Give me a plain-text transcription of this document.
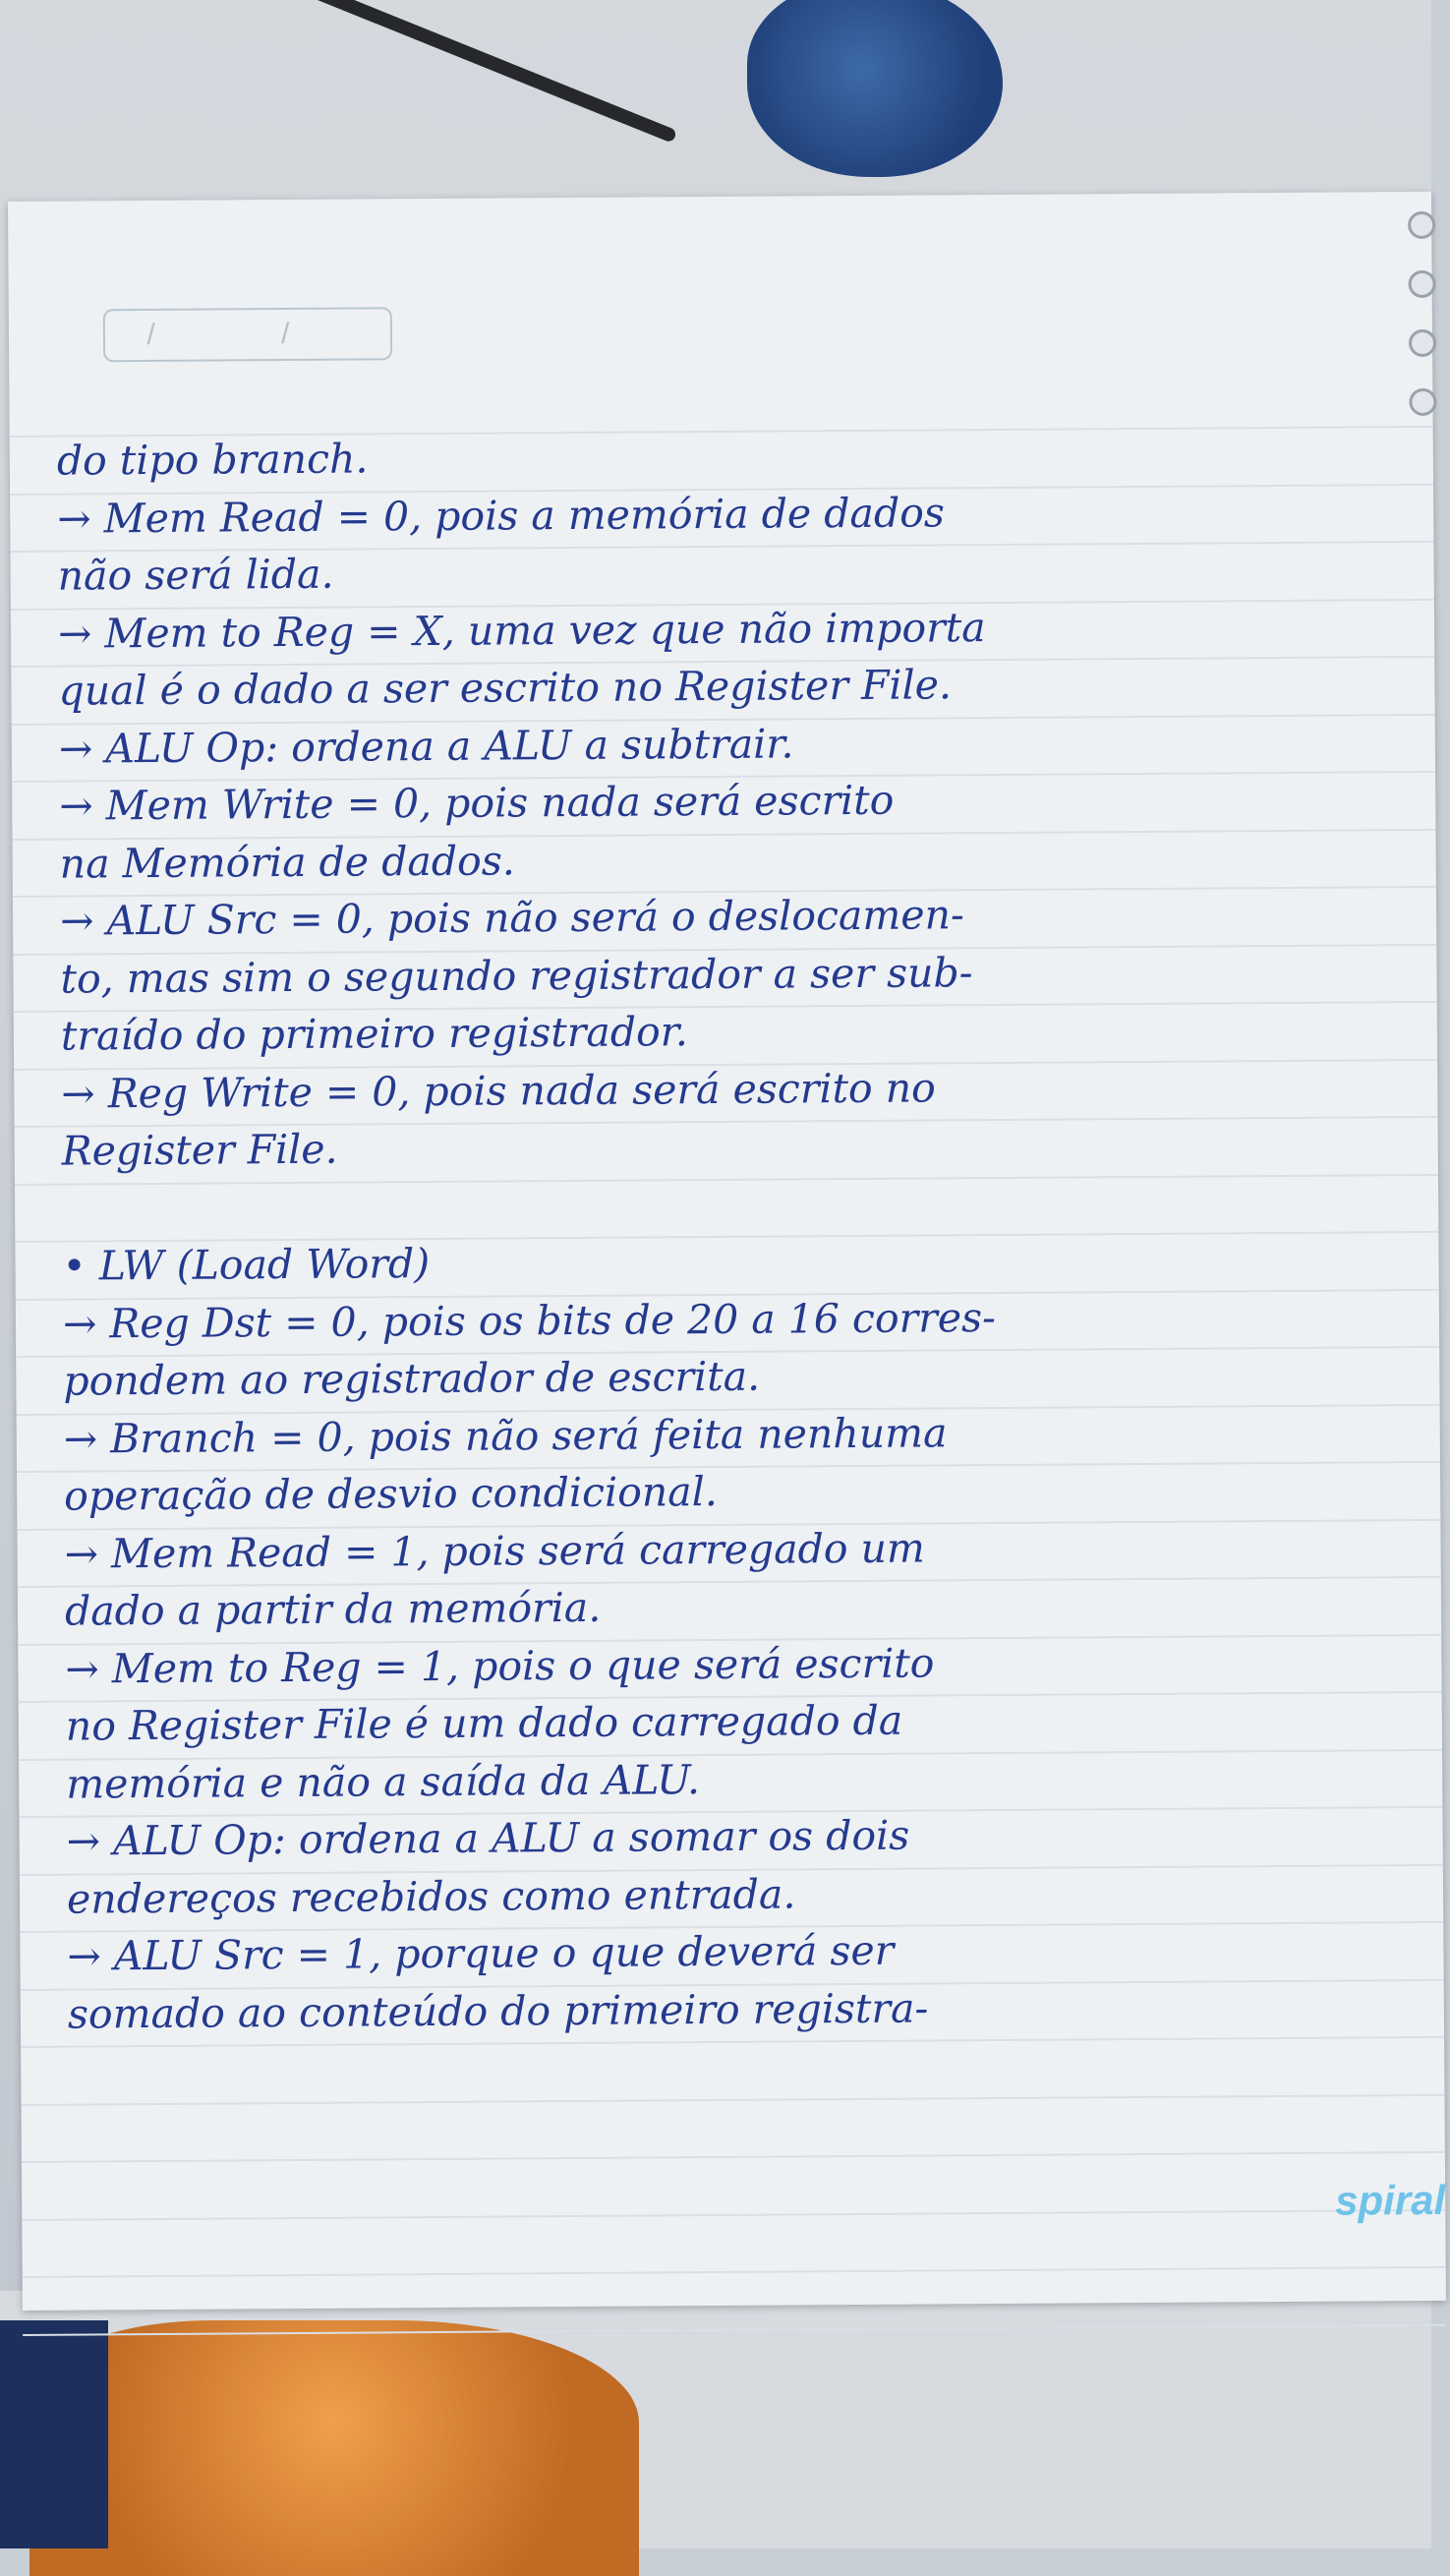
/ /
do tipo branch.
→ Mem Read = 0, pois a memória de dados
não será lida.
→ Mem to Reg = X, uma vez que não importa
qual é o dado a ser escrito no Register File.
→ ALU Op: ordena a ALU a subtrair.
→ Mem Write = 0, pois nada será escrito
na Memória de dados.
→ ALU Src = 0, pois não será o deslocamen-
to, mas sim o segundo registrador a ser sub-
traído do primeiro registrador.
→ Reg Write = 0, pois nada será escrito no
Register File.
• LW (Load Word)
→ Reg Dst = 0, pois os bits de 20 a 16 corres-
pondem ao registrador de escrita.
→ Branch = 0, pois não será feita nenhuma
operação de desvio condicional.
→ Mem Read = 1, pois será carregado um
dado a partir da memória.
→ Mem to Reg = 1, pois o que será escrito
no Register File é um dado carregado da
memória e não a saída da ALU.
→ ALU Op: ordena a ALU a somar os dois
endereços recebidos como entrada.
→ ALU Src = 1, porque o que deverá ser
somado ao conteúdo do primeiro registra-
spiral
